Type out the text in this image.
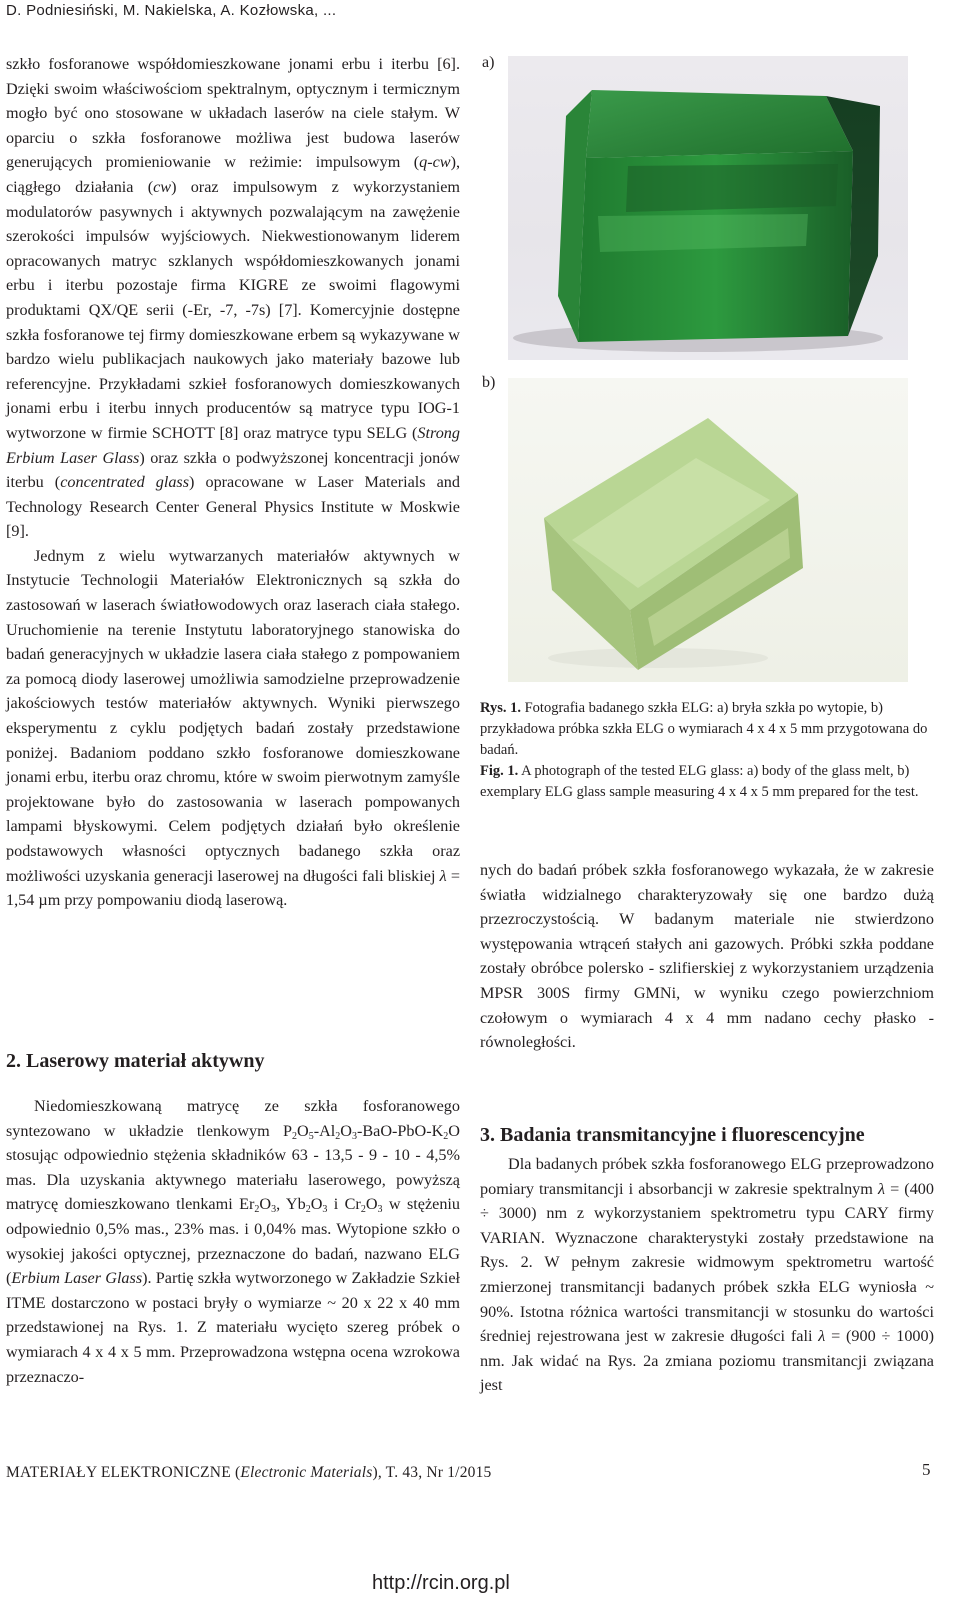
D. Podniesiński, M. Nakielska, A. Kozłowska, ...

szkło fosforanowe współdomieszkowane jonami erbu i iterbu [6]. Dzięki swoim właściwościom spektralnym, optycznym i termicznym mogło być ono stosowane w układach laserów na ciele stałym. W oparciu o szkła fosforanowe możliwa jest budowa laserów generujących promieniowanie w reżimie: impulsowym (q-cw), ciągłego działania (cw) oraz impulsowym z wykorzystaniem modulatorów pasywnych i aktywnych pozwalającym na zawężenie szerokości impulsów wyjściowych. Niekwestionowanym liderem opracowanych matryc szklanych współdomieszkowanych jonami erbu i iterbu pozostaje firma KIGRE ze swoimi flagowymi produktami QX/QE serii (-Er, -7, -7s) [7]. Komercyjnie dostępne szkła fosforanowe tej firmy domieszkowane erbem są wykazywane w bardzo wielu publikacjach naukowych jako materiały bazowe lub referencyjne. Przykładami szkieł fosforanowych domieszkowanych jonami erbu i iterbu innych producentów są matryce typu IOG-1 wytworzone w firmie SCHOTT [8] oraz matryce typu SELG (Strong Erbium Laser Glass) oraz szkła o podwyższonej koncentracji jonów iterbu (concentrated glass) opracowane w Laser Materials and Technology Research Center General Physics Institute w Moskwie [9].

Jednym z wielu wytwarzanych materiałów aktywnych w Instytucie Technologii Materiałów Elektronicznych są szkła do zastosowań w laserach światłowodowych oraz laserach ciała stałego. Uruchomienie na terenie Instytutu laboratoryjnego stanowiska do badań generacyjnych w układzie lasera ciała stałego z pompowaniem za pomocą diody laserowej umożliwia samodzielne przeprowadzenie jakościowych testów materiałów aktywnych. Wyniki pierwszego eksperymentu z cyklu podjętych badań zostały przedstawione poniżej. Badaniom poddano szkło fosforanowe domieszkowane jonami erbu, iterbu oraz chromu, które w swoim pierwotnym zamyśle projektowane było do zastosowania w laserach pompowanych lampami błyskowymi. Celem podjętych działań było określenie podstawowych własności optycznych badanego szkła oraz możliwości uzyskania generacji laserowej na długości fali bliskiej λ = 1,54 µm przy pompowaniu diodą laserową.

2. Laserowy materiał aktywny

Niedomieszkowaną matrycę ze szkła fosforanowego syntezowano w układzie tlenkowym $P_2O_5-Al_2O_3-BaO-PbO-K_2O$ stosując odpowiednio stężenia składników 63 - 13,5 - 9 - 10 - 4,5% mas. Dla uzyskania aktywnego materiału laserowego, powyższą matrycę domieszkowano tlenkami $Er_2O_3$, $Yb_2O_3$ i $Cr_2O_3$ w stężeniu odpowiednio 0,5% mas., 23% mas. i 0,04% mas. Wytopione szkło o wysokiej jakości optycznej, przeznaczone do badań, nazwano ELG (Erbium Laser Glass). Partię szkła wytworzonego w Zakładzie Szkieł ITME dostarczono w postaci bryły o wymiarze ~ 20 x 22 x 40 mm przedstawionej na Rys. 1. Z materiału wycięto szereg próbek o wymiarach 4 x 4 x 5 mm. Przeprowadzona wstępna ocena wzrokowa przeznaczo-

a)
b)

Rys. 1. Fotografia badanego szkła ELG: a) bryła szkła po wytopie, b) przykładowa próbka szkła ELG o wymiarach 4 x 4 x 5 mm przygotowana do badań.

Fig. 1. A photograph of the tested ELG glass: a) body of the glass melt, b) exemplary ELG glass sample measuring 4 x 4 x 5 mm prepared for the test.

nych do badań próbek szkła fosforanowego wykazała, że w zakresie światła widzialnego charakteryzowały się one bardzo dużą przezroczystością. W badanym materiale nie stwierdzono występowania wtrąceń stałych ani gazowych. Próbki szkła poddane zostały obróbce polersko - szlifierskiej z wykorzystaniem urządzenia MPSR 300S firmy GMNi, w wyniku czego powierzchniom czołowym o wymiarach 4 x 4 mm nadano cechy płasko - równoległości.

3. Badania transmitancyjne i fluorescencyjne

Dla badanych próbek szkła fosforanowego ELG przeprowadzono pomiary transmitancji i absorbancji w zakresie spektralnym λ = (400 ÷ 3000) nm z wykorzystaniem spektrometru typu CARY firmy VARIAN. Wyznaczone charakterystyki zostały przedstawione na Rys. 2. W pełnym zakresie widmowym spektrometru wartość zmierzonej transmitancji badanych próbek szkła ELG wyniosła ~ 90%. Istotna różnica wartości transmitancji w stosunku do wartości średniej rejestrowana jest w zakresie długości fali λ = (900 ÷ 1000) nm. Jak widać na Rys. 2a zmiana poziomu transmitancji związana jest

MATERIAŁY ELEKTRONICZNE (Electronic Materials), T. 43, Nr 1/2015	5
http://rcin.org.pl
